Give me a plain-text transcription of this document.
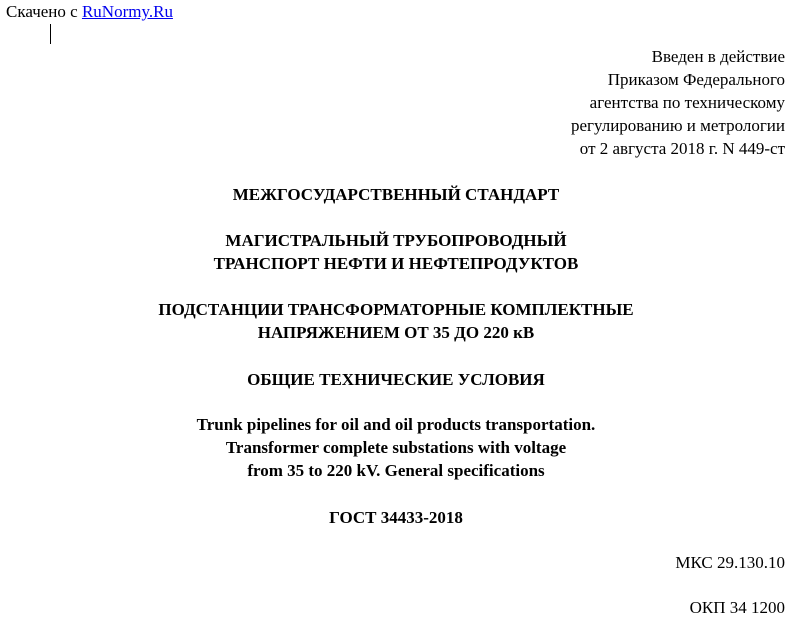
Скачено с RuNormy.Ru
Введен в действие
Приказом Федерального
агентства по техническому
регулированию и метрологии
от 2 августа 2018 г. N 449-ст
МЕЖГОСУДАРСТВЕННЫЙ СТАНДАРТ
МАГИСТРАЛЬНЫЙ ТРУБОПРОВОДНЫЙ
ТРАНСПОРТ НЕФТИ И НЕФТЕПРОДУКТОВ
ПОДСТАНЦИИ ТРАНСФОРМАТОРНЫЕ КОМПЛЕКТНЫЕ
НАПРЯЖЕНИЕМ ОТ 35 ДО 220 кВ
ОБЩИЕ ТЕХНИЧЕСКИЕ УСЛОВИЯ
Trunk pipelines for oil and oil products transportation.
Transformer complete substations with voltage
from 35 to 220 kV. General specifications
ГОСТ 34433-2018
МКС 29.130.10
ОКП 34 1200
